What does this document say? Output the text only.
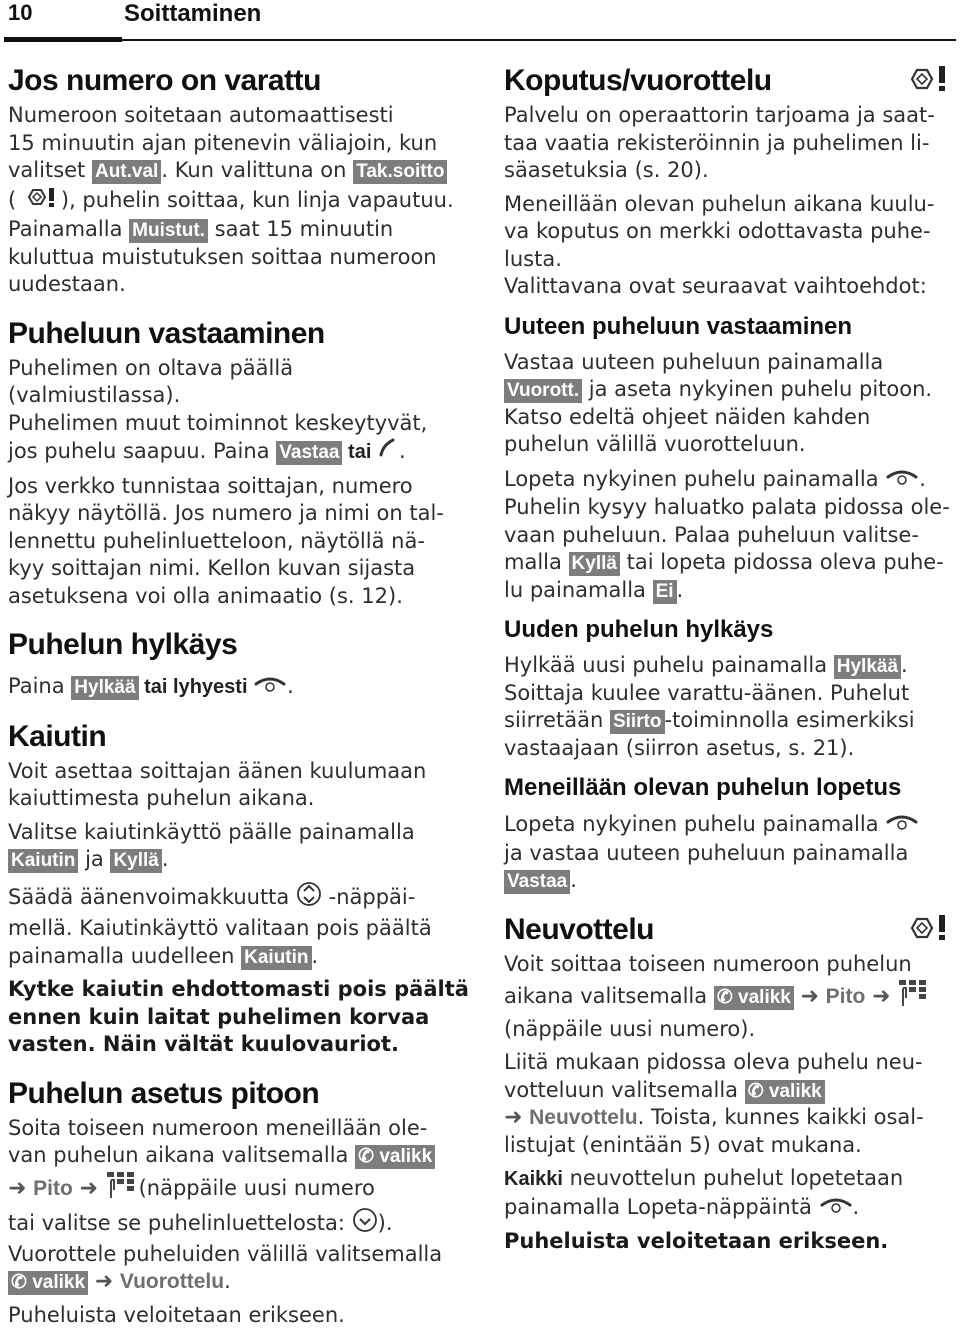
10	Soittaminen
Jos numero on varattu

Numeroon soitetaan automaattisesti
15 minuutin ajan pitenevin väliajoin, kun
valitset Aut.val . Kun valittuna on Tak.soitto
( ), puhelin soittaa, kun linja vapautuu.
Painamalla Muistut. saat 15 minuutin
kuluttua muistutuksen soittaa numeroon
uudestaan.

Puheluun vastaaminen

Puhelimen on oltava päällä (valmiustilassa).
Puhelimen muut toiminnot keskeytyvät,
jos puhelu saapuu. Paina Vastaa tai .

Jos verkko tunnistaa soittajan, numero
näkyy näytöllä. Jos numero ja nimi on tal-
lennettu puhelinluetteloon, näytöllä nä-
kyy soittajan nimi. Kellon kuvan sijasta
asetuksena voi olla animaatio (s. 12).

Puhelun hylkäys

Paina Hylkää tai lyhyesti .

Kaiutin

Voit asettaa soittajan äänen kuulumaan
kaiuttimesta puhelun aikana.

Valitse kaiutinkäyttö päälle painamalla
Kaiutin ja Kyllä .

Säädä äänenvoimakkuutta  -näppäi-
mellä. Kaiutinkäyttö valitaan pois päältä
painamalla uudelleen Kaiutin .

Kytke kaiutin ehdottomasti pois päältä
ennen kuin laitat puhelimen korvaa
vasten. Näin vältät kuulovauriot.

Puhelun asetus pitoon

Soita toiseen numeroon meneillään ole-
van puhelun aikana valitsemalla ✆ valikk
➜ Pito ➜ (näppäile uusi numero
tai valitse se puhelinluettelosta: ).
Vuorottele puheluiden välillä valitsemalla
✆ valikk ➜ Vuorottelu.

Puheluista veloitetaan erikseen.

Koputus/vuorottelu

Palvelu on operaattorin tarjoama ja saat-
taa vaatia rekisteröinnin ja puhelimen li-
säasetuksia (s. 20).

Meneillään olevan puhelun aikana kuulu-
va koputus on merkki odottavasta puhe-
lusta.
Valittavana ovat seuraavat vaihtoehdot:

Uuteen puheluun vastaaminen

Vastaa uuteen puheluun painamalla
Vuorott. ja aseta nykyinen puhelu pitoon.
Katso edeltä ohjeet näiden kahden
puhelun välillä vuorotteluun.

Lopeta nykyinen puhelu painamalla .
Puhelin kysyy haluatko palata pidossa ole-
vaan puheluun. Palaa puheluun valitse-
malla Kyllä tai lopeta pidossa oleva puhe-
lu painamalla Ei .

Uuden puhelun hylkäys

Hylkää uusi puhelu painamalla Hylkää .
Soittaja kuulee varattu-äänen. Puhelut
siirretään Siirto -toiminnolla esimerkiksi
vastaajaan (siirron asetus, s. 21).

Meneillään olevan puhelun lopetus

Lopeta nykyinen puhelu painamalla
ja vastaa uuteen puheluun painamalla
Vastaa .

Neuvottelu

Voit soittaa toiseen numeroon puhelun
aikana valitsemalla ✆ valikk ➜ Pito ➜
(näppäile uusi numero).

Liitä mukaan pidossa oleva puhelu neu-
votteluun valitsemalla ✆ valikk
➜ Neuvottelu. Toista, kunnes kaikki osal-
listujat (enintään 5) ovat mukana.

Kaikki neuvottelun puhelut lopetetaan
painamalla Lopeta-näppäintä .

Puheluista veloitetaan erikseen.
